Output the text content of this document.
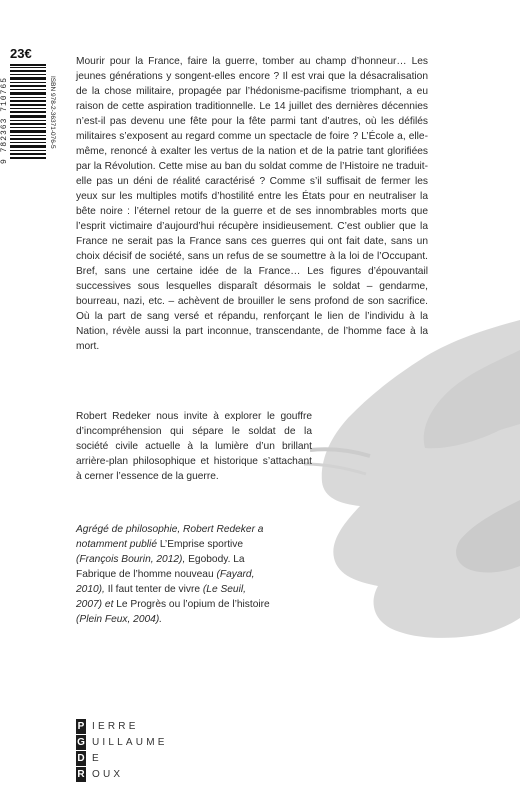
23€
9 782363 710765	ISBN 978-2-36371-076-5

Mourir pour la France, faire la guerre, tomber au champ d’honneur… Les jeunes générations y songent-elles encore ? Il est vrai que la désacralisation de la chose militaire, propagée par l’hédonisme-pacifisme triomphant, a eu raison de cette aspiration traditionnelle. Le 14 juillet des dernières décennies n’est-il pas devenu une fête pour la fête parmi tant d’autres, où les défilés militaires s’exposent au regard comme un spectacle de foire ? L’École a, elle-même, renoncé à exalter les vertus de la nation et de la patrie tant glorifiées par la Révolution. Cette mise au ban du soldat comme de l’Histoire ne traduit-elle pas un déni de réalité caractérisé ? Comme s’il suffisait de fermer les yeux sur les multiples motifs d’hostilité entre les États pour en neutraliser la bête noire : l’éternel retour de la guerre et de ses innombrables morts que l’esprit victimaire d’aujourd’hui récupère insidieusement. C’est oublier que la France ne serait pas la France sans ces guerres qui ont fait date, sans un choix décisif de société, sans un refus de se soumettre à la loi de l’Occupant. Bref, sans une certaine idée de la France… Les figures d’épouvantail successives sous lesquelles disparaît désormais le soldat – gendarme, bourreau, nazi, etc. – achèvent de brouiller le sens profond de son sacrifice. Où la part de sang versé et répandu, renforçant le lien de l’individu à la Nation, révèle aussi la part inconnue, transcendante, de l’homme face à la mort.

Robert Redeker nous invite à explorer le gouffre d’incompréhension qui sépare le soldat de la société civile actuelle à la lumière d’un brillant arrière-plan philosophique et historique s’attachant à cerner l’essence de la guerre.

Agrégé de philosophie, Robert Redeker a notamment publié L’Emprise sportive (François Bourin, 2012), Egobody. La Fabrique de l’homme nouveau (Fayard, 2010), Il faut tenter de vivre (Le Seuil, 2007) et Le Progrès ou l’opium de l’histoire (Plein Feux, 2004).
P IERRE
G UILLAUME
D E
R OUX
